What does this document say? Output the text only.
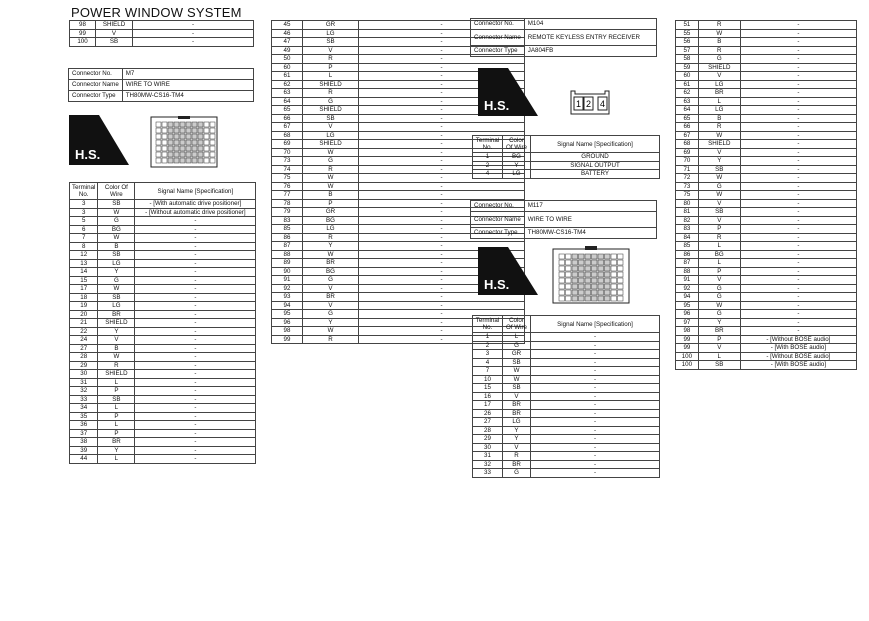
POWER WINDOW SYSTEM
98	SHIELD	-
99	V	-
100	SB	-
Connector No.	M7
Connector Name	WIRE TO WIRE
Connector Type	TH80MW-CS16-TM4
H.S.
Terminal No.	Color Of Wire	Signal Name [Specification]
3	SB	- [With automatic drive positioner]
3	W	- [Without automatic drive positioner]
5	G	-
6	BG	-
7	W	-
8	B	-
12	SB	-
13	LG	-
14	Y	-
15	G	-
17	W	-
18	SB	-
19	LG	-
20	BR	-
21	SHIELD	-
22	Y	-
24	V	-
27	B	-
28	W	-
29	R	-
30	SHIELD	-
31	L	-
32	P	-
33	SB	-
34	L	-
35	P	-
36	L	-
37	P	-
38	BR	-
39	Y	-
44	L	-
45	GR	-
46	LG	-
47	SB	-
49	V	-
50	R	-
60	P	-
61	L	-
62	SHIELD	-
63	R	-
64	G	-
65	SHIELD	-
66	SB	-
67	V	-
68	LG	-
69	SHIELD	-
70	W	-
73	G	-
74	R	-
75	W	-
76	W	-
77	B	-
78	P	-
79	GR	-
83	BG	-
85	LG	-
86	R	-
87	Y	-
88	W	-
89	BR	-
90	BG	-
91	G	-
92	V	-
93	BR	-
94	V	-
95	G	-
96	Y	-
98	W	-
99	R	-
Connector No.	M104
Connector Name	REMOTE KEYLESS ENTRY RECEIVER
Connector Type	JA804FB
H.S.	1 2 4
Terminal No.	Color Of Wire	Signal Name [Specification]
1	BG	GROUND
2	Y	SIGNAL OUTPUT
4	LG	BATTERY
Connector No.	M117
Connector Name	WIRE TO WIRE
Connector Type	TH80MW-CS16-TM4
H.S.
Terminal No.	Color Of Wire	Signal Name [Specification]
1	L	-
2	G	-
3	GR	-
4	SB	-
7	W	-
10	W	-
15	SB	-
16	V	-
17	BR	-
26	BR	-
27	LG	-
28	Y	-
29	Y	-
30	V	-
31	R	-
32	BR	-
33	G	-
51	R	-
55	W	-
56	B	-
57	R	-
58	G	-
59	SHIELD	-
60	V	-
61	LG	-
62	BR	-
63	L	-
64	LG	-
65	B	-
66	R	-
67	W	-
68	SHIELD	-
69	V	-
70	Y	-
71	SB	-
72	W	-
73	G	-
75	W	-
80	V	-
81	SB	-
82	V	-
83	P	-
84	R	-
85	L	-
86	BG	-
87	L	-
88	P	-
91	V	-
92	G	-
94	G	-
95	W	-
96	G	-
97	Y	-
98	BR	-
99	P	- [Without BOSE audio]
99	V	- [With BOSE audio]
100	L	- [Without BOSE audio]
100	SB	- [With BOSE audio]
